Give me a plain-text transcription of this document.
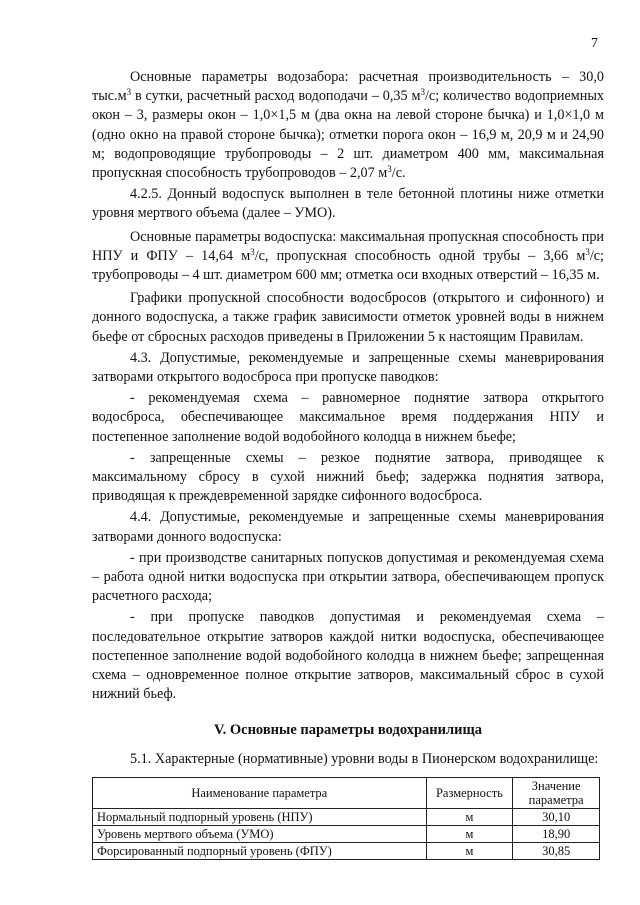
7

Основные параметры водозабора: расчетная производительность – 30,0 $тыс.м^3$ в сутки, расчетный расход водоподачи – 0,35 $м^3/с$; количество водоприемных окон – 3, размеры окон – 1,0×1,5 м (два окна на левой стороне бычка) и 1,0×1,0 м (одно окно на правой стороне бычка); отметки порога окон – 16,9 м, 20,9 м и 24,90 м; водопроводящие трубопроводы – 2 шт. диаметром 400 мм, максимальная пропускная способность трубопроводов – 2,07 $м^3/с$.

4.2.5. Донный водоспуск выполнен в теле бетонной плотины ниже отметки уровня мертвого объема (далее – УМО).

Основные параметры водоспуска: максимальная пропускная способность при НПУ и ФПУ – 14,64 $м^3/с$, пропускная способность одной трубы – 3,66 $м^3/с$; трубопроводы – 4 шт. диаметром 600 мм; отметка оси входных отверстий – 16,35 м.

Графики пропускной способности водосбросов (открытого и сифонного) и донного водоспуска, а также график зависимости отметок уровней воды в нижнем бьефе от сбросных расходов приведены в Приложении 5 к настоящим Правилам.

4.3. Допустимые, рекомендуемые и запрещенные схемы маневрирования затворами открытого водосброса при пропуске паводков:

- рекомендуемая схема – равномерное поднятие затвора открытого водосброса, обеспечивающее максимальное время поддержания НПУ и постепенное заполнение водой водобойного колодца в нижнем бьефе;

- запрещенные схемы – резкое поднятие затвора, приводящее к максимальному сбросу в сухой нижний бьеф; задержка поднятия затвора, приводящая к преждевременной зарядке сифонного водосброса.

4.4. Допустимые, рекомендуемые и запрещенные схемы маневрирования затворами донного водоспуска:

- при производстве санитарных попусков допустимая и рекомендуемая схема – работа одной нитки водоспуска при открытии затвора, обеспечивающем пропуск расчетного расхода;

- при пропуске паводков допустимая и рекомендуемая схема – последовательное открытие затворов каждой нитки водоспуска, обеспечивающее постепенное заполнение водой водобойного колодца в нижнем бьефе; запрещенная схема – одновременное полное открытие затворов, максимальный сброс в сухой нижний бьеф.

V. Основные параметры водохранилища

5.1. Характерные (нормативные) уровни воды в Пионерском водохранилище:

Наименование параметра	Размерность	Значение параметра
Нормальный подпорный уровень (НПУ)	м	30,10
Уровень мертвого объема (УМО)	м	18,90
Форсированный подпорный уровень (ФПУ)	м	30,85
